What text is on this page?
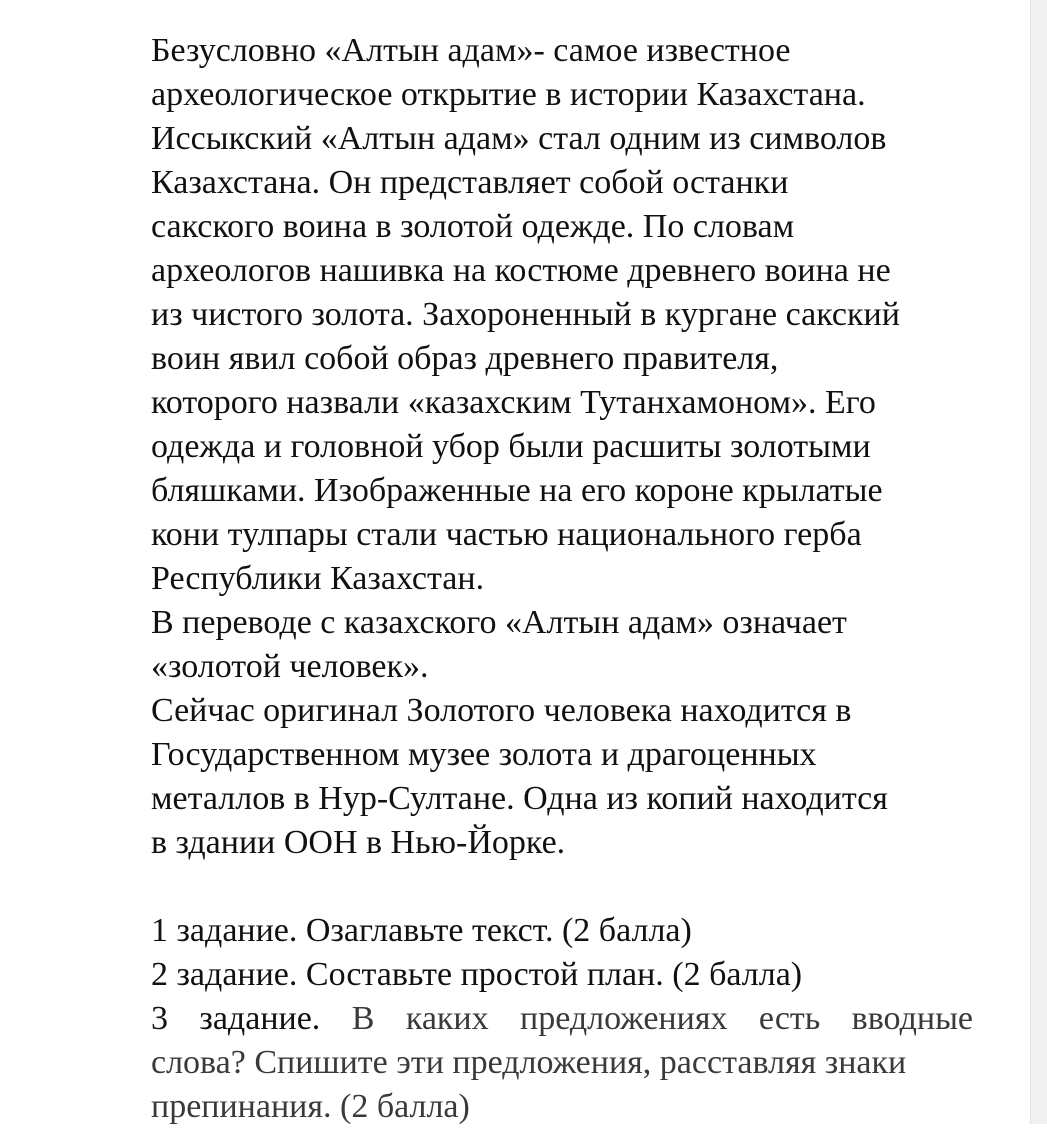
Безусловно «Алтын адам»- самое известное
археологическое открытие в истории Казахстана.
Иссыкский «Алтын адам» стал одним из символов
Казахстана. Он представляет собой останки
сакского воина в золотой одежде. По словам
археологов нашивка на костюме древнего воина не
из чистого золота. Захороненный в кургане сакский
воин явил собой образ древнего правителя,
которого назвали «казахским Тутанхамоном». Его
одежда и головной убор были расшиты золотыми
бляшками. Изображенные на его короне крылатые
кони тулпары стали частью национального герба
Республики Казахстан.
В переводе с казахского «Алтын адам» означает
«золотой человек».
Сейчас оригинал Золотого человека находится в
Государственном музее золота и драгоценных
металлов в Нур-Султане. Одна из копий находится
в здании ООН в Нью-Йорке.
1 задание. Озаглавьте текст. (2 балла)
2 задание. Составьте простой план. (2 балла)
3 задание. В каких предложениях есть вводные
слова? Спишите эти предложения, расставляя знаки
препинания. (2 балла)
